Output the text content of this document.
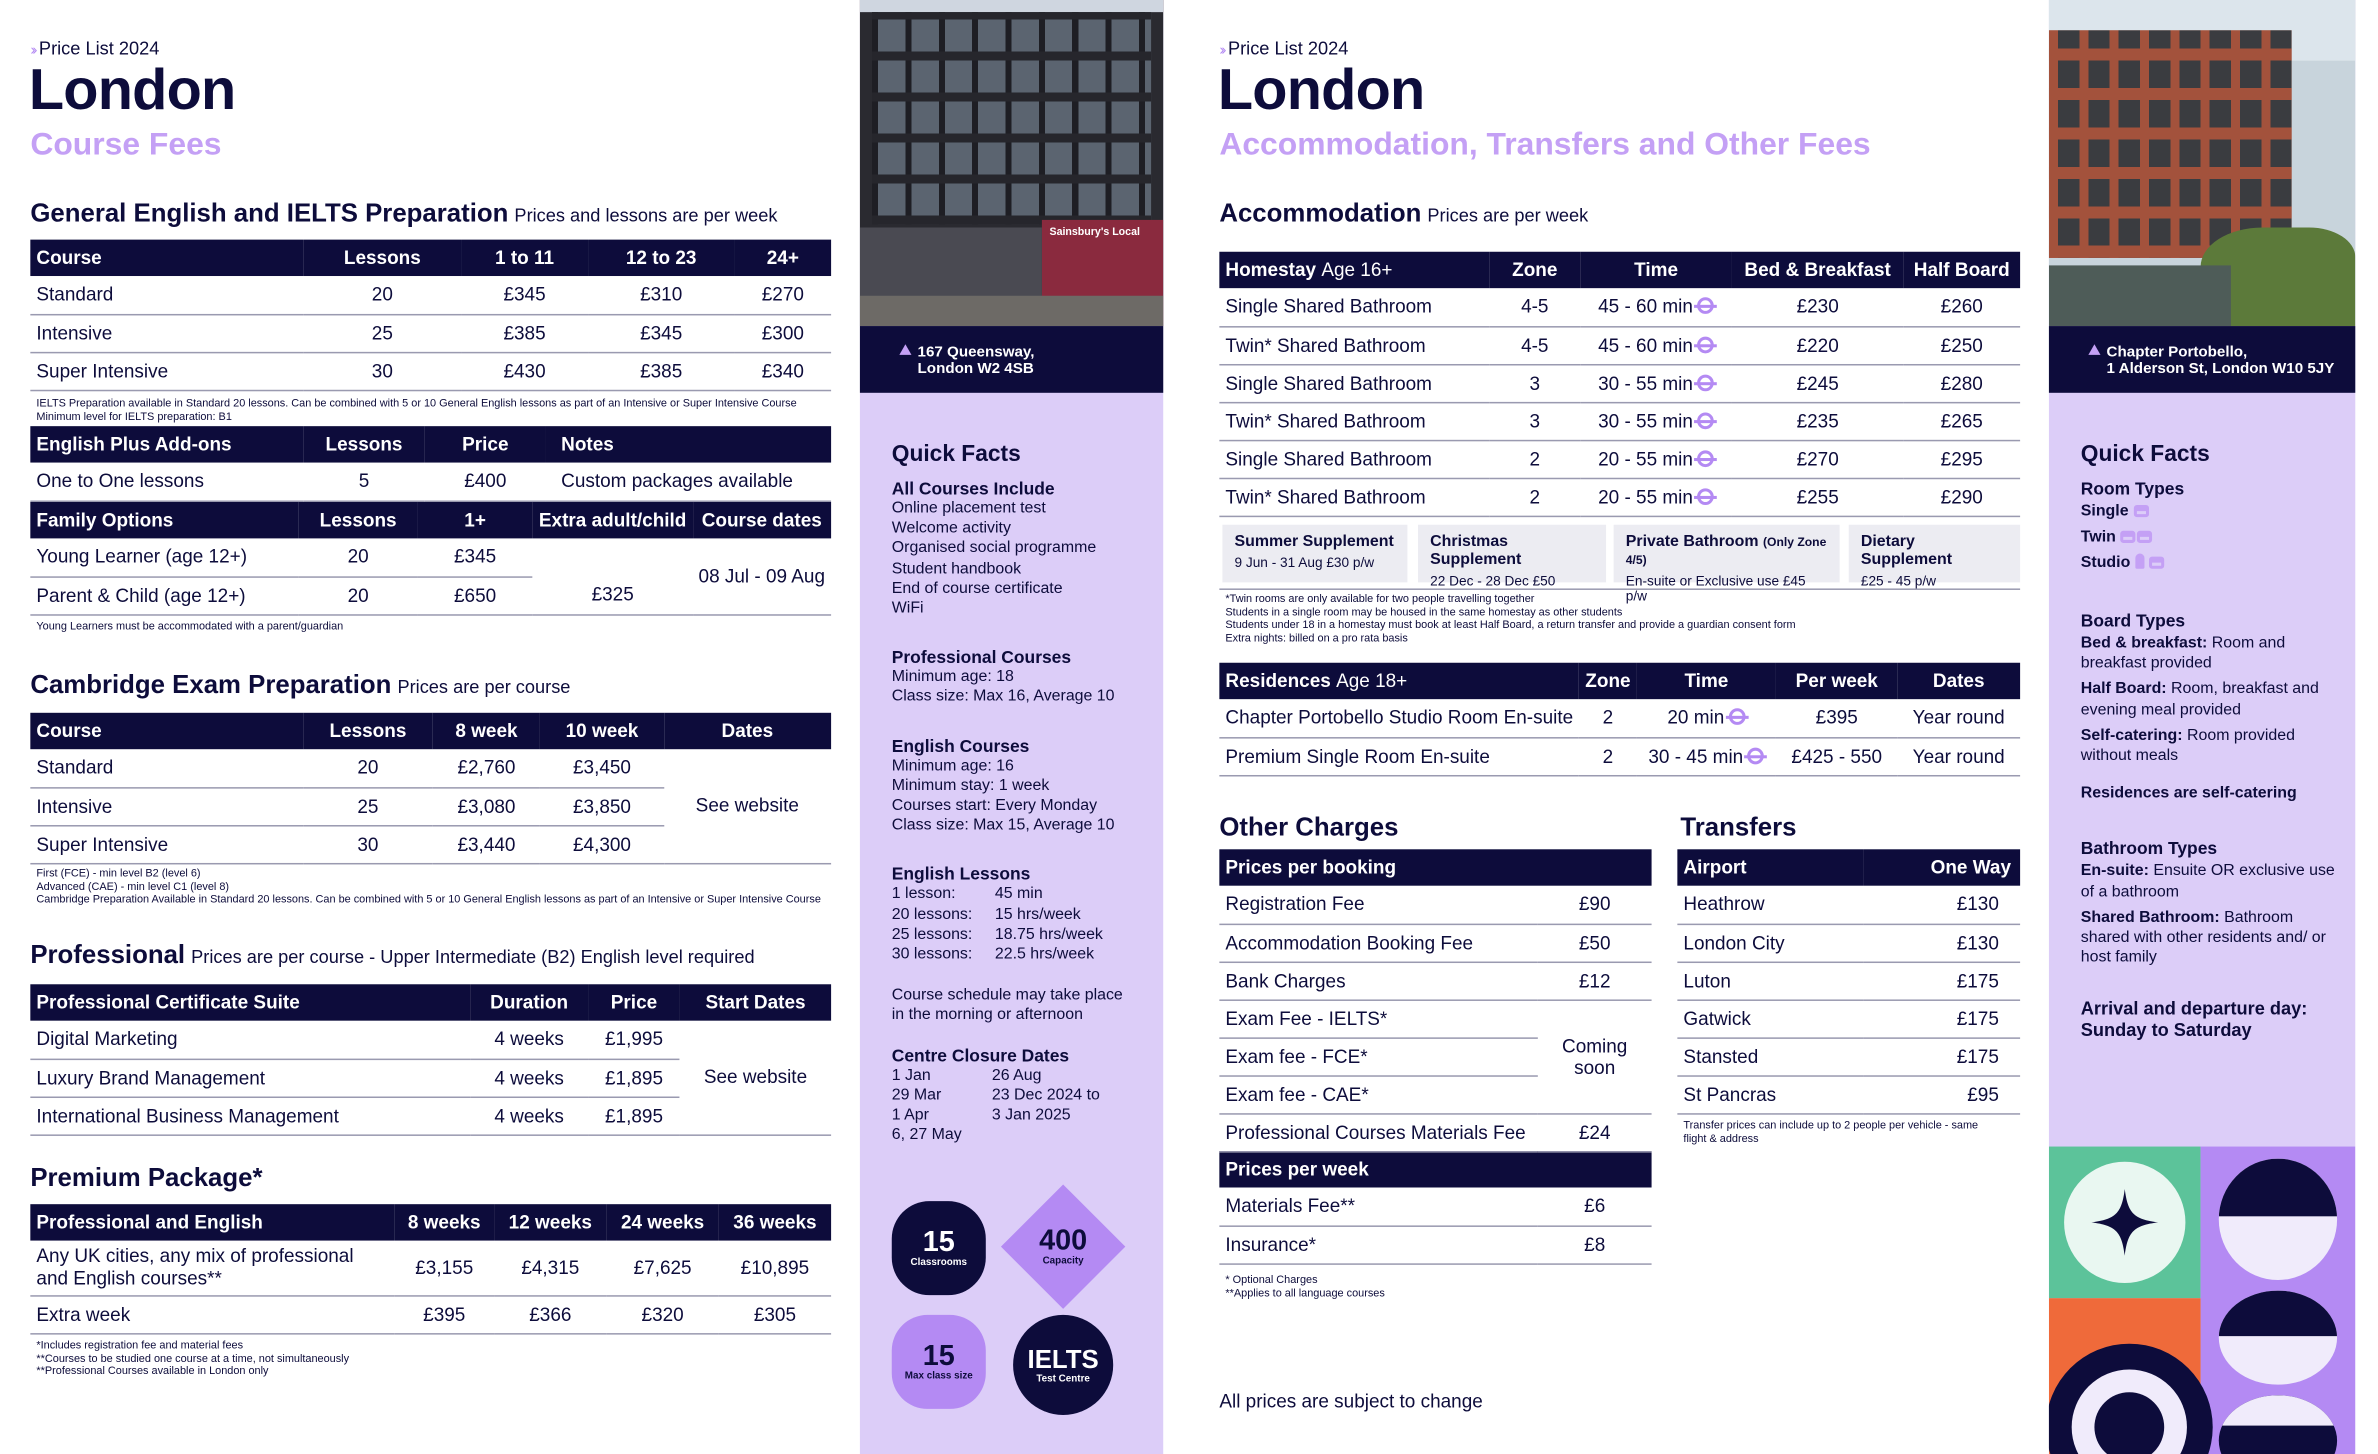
›› Price List 2024
London
Course Fees
General English and IELTS Preparation Prices and lessons are per week
Course	Lessons	1 to 11	12 to 23	24+
Standard	20	£345	£310	£270
Intensive	25	£385	£345	£300
Super Intensive	30	£430	£385	£340
IELTS Preparation available in Standard 20 lessons. Can be combined with 5 or 10 General English lessons as part of an Intensive or Super Intensive Course
Minimum level for IELTS preparation: B1
English Plus Add-ons	Lessons	Price	Notes
One to One lessons	5	£400	Custom packages available
Family Options	Lessons	1+	Extra adult/child	Course dates
Young Learner (age 12+)	20	£345		08 Jul - 09 Aug
Parent & Child (age 12+)	20	£650	£325	
Young Learners must be accommodated with a parent/guardian
Cambridge Exam Preparation Prices are per course
Course	Lessons	8 week	10 week	Dates
Standard	20	£2,760	£3,450	See website
Intensive	25	£3,080	£3,850	
Super Intensive	30	£3,440	£4,300	
First (FCE) - min level B2 (level 6)
Advanced (CAE) - min level C1 (level 8)
Cambridge Preparation Available in Standard 20 lessons. Can be combined with 5 or 10 General English lessons as part of an Intensive or Super Intensive Course
Professional Prices are per course - Upper Intermediate (B2) English level required
Professional Certificate Suite	Duration	Price	Start Dates
Digital Marketing	4 weeks	£1,995	See website
Luxury Brand Management	4 weeks	£1,895	
International Business Management	4 weeks	£1,895	
Premium Package*
Professional and English	8 weeks	12 weeks	24 weeks	36 weeks
Any UK cities, any mix of professional and English courses**	£3,155	£4,315	£7,625	£10,895
Extra week	£395	£366	£320	£305
*Includes registration fee and material fees
**Courses to be studied one course at a time, not simultaneously
**Professional Courses available in London only
Sainsbury's Local
167 Queensway,
London W2 4SB
Quick Facts
All Courses Include
Online placement test
Welcome activity
Organised social programme
Student handbook
End of course certificate
WiFi
Professional Courses
Minimum age: 18
Class size: Max 16, Average 10
English Courses
Minimum age: 16
Minimum stay: 1 week
Courses start: Every Monday
Class size: Max 15, Average 10
English Lessons
1 lesson:	45 min
20 lessons: 15 hrs/week
25 lessons: 18.75 hrs/week
30 lessons: 22.5 hrs/week
Course schedule may take place
in the morning or afternoon
Centre Closure Dates
1 Jan	26 Aug
29 Mar	23 Dec 2024 to
1 Apr	3 Jan 2025
6, 27 May
15
Classrooms
400
Capacity
15
Max class size
IELTS
Test Centre
›› Price List 2024
London
Accommodation, Transfers and Other Fees
Accommodation Prices are per week
Homestay Age 16+	Zone	Time	Bed & Breakfast	Half Board
Single Shared Bathroom	4-5	45 - 60 min	£230	£260
Twin* Shared Bathroom	4-5	45 - 60 min	£220	£250
Single Shared Bathroom	3	30 - 55 min	£245	£280
Twin* Shared Bathroom	3	30 - 55 min	£235	£265
Single Shared Bathroom	2	20 - 55 min	£270	£295
Twin* Shared Bathroom	2	20 - 55 min	£255	£290
Summer Supplement
9 Jun - 31 Aug £30 p/w
Christmas Supplement
22 Dec - 28 Dec £50
Private Bathroom (Only Zone 4/5)
En-suite or Exclusive use £45 p/w
Dietary Supplement
£25 - 45 p/w
*Twin rooms are only available for two people travelling together
Students in a single room may be housed in the same homestay as other students
Students under 18 in a homestay must book at least Half Board, a return transfer and provide a guardian consent form
Extra nights: billed on a pro rata basis
Residences Age 18+	Zone	Time	Per week	Dates
Chapter Portobello Studio Room En-suite	2	20 min	£395	Year round
Premium Single Room En-suite	2	30 - 45 min	£425 - 550	Year round
Other Charges
Prices per booking	
Registration Fee	£90
Accommodation Booking Fee	£50
Bank Charges	£12
Exam Fee - IELTS*	Coming soon

Exam fee - FCE*	
Exam fee - CAE*	
Professional Courses Materials Fee	£24
Prices per week	
Materials Fee**	£6
Insurance*	£8
* Optional Charges
**Applies to all language courses
Transfers
Airport	One Way
Heathrow	£130
London City	£130
Luton	£175
Gatwick	£175
Stansted	£175
St Pancras	£95
Transfer prices can include up to 2 people per vehicle - same
flight & address
All prices are subject to change
Chapter Portobello,
1 Alderson St, London W10 5JY
Quick Facts
Room Types
Single
Twin
Studio
Board Types
Bed & breakfast: Room and breakfast provided
Half Board: Room, breakfast and evening meal provided
Self-catering: Room provided without meals
Residences are self-catering
Bathroom Types
En-suite: Ensuite OR exclusive use of a bathroom
Shared Bathroom: Bathroom shared with other residents and/ or host family
Arrival and departure day: Sunday to Saturday
